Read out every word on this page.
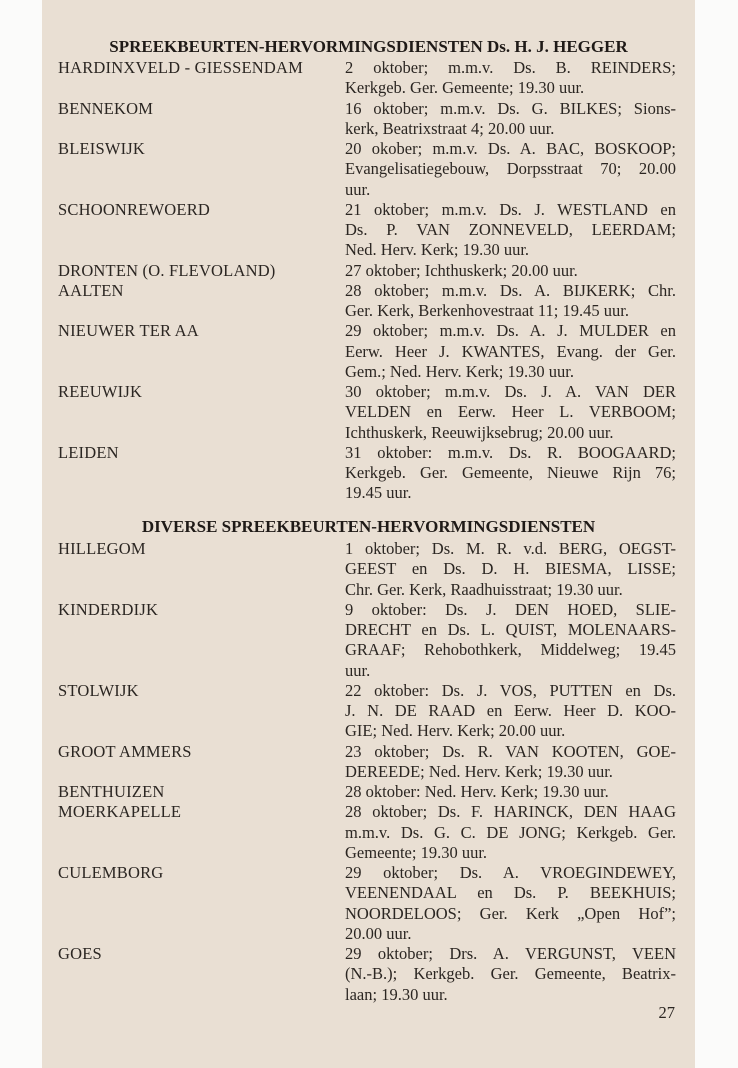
SPREEKBEURTEN-HERVORMINGSDIENSTEN Ds. H. J. HEGGER
HARDINXVELD - GIESSENDAM	2 oktober; m.m.v. Ds. B. REINDERS;
Kerkgeb. Ger. Gemeente; 19.30 uur.
BENNEKOM	16 oktober; m.m.v. Ds. G. BILKES; Sions-
kerk, Beatrixstraat 4; 20.00 uur.
BLEISWIJK	20 okober; m.m.v. Ds. A. BAC, BOSKOOP;
Evangelisatiegebouw, Dorpsstraat 70; 20.00
uur.
SCHOONREWOERD	21 oktober; m.m.v. Ds. J. WESTLAND en
Ds. P. VAN ZONNEVELD, LEERDAM;
Ned. Herv. Kerk; 19.30 uur.
DRONTEN (O. FLEVOLAND)	27 oktober; Ichthuskerk; 20.00 uur.
AALTEN	28 oktober; m.m.v. Ds. A. BIJKERK; Chr.
Ger. Kerk, Berkenhovestraat 11; 19.45 uur.
NIEUWER TER AA	29 oktober; m.m.v. Ds. A. J. MULDER en
Eerw. Heer J. KWANTES, Evang. der Ger.
Gem.; Ned. Herv. Kerk; 19.30 uur.
REEUWIJK	30 oktober; m.m.v. Ds. J. A. VAN DER
VELDEN en Eerw. Heer L. VERBOOM;
Ichthuskerk, Reeuwijksebrug; 20.00 uur.
LEIDEN	31 oktober: m.m.v. Ds. R. BOOGAARD;
Kerkgeb. Ger. Gemeente, Nieuwe Rijn 76;
19.45 uur.
DIVERSE SPREEKBEURTEN-HERVORMINGSDIENSTEN
HILLEGOM	1 oktober; Ds. M. R. v.d. BERG, OEGST-
GEEST en Ds. D. H. BIESMA, LISSE;
Chr. Ger. Kerk, Raadhuisstraat; 19.30 uur.
KINDERDIJK	9 oktober: Ds. J. DEN HOED, SLIE-
DRECHT en Ds. L. QUIST, MOLENAARS-
GRAAF; Rehobothkerk, Middelweg; 19.45
uur.
STOLWIJK	22 oktober: Ds. J. VOS, PUTTEN en Ds.
J. N. DE RAAD en Eerw. Heer D. KOO-
GIE; Ned. Herv. Kerk; 20.00 uur.
GROOT AMMERS	23 oktober; Ds. R. VAN KOOTEN, GOE-
DEREEDE; Ned. Herv. Kerk; 19.30 uur.
BENTHUIZEN	28 oktober: Ned. Herv. Kerk; 19.30 uur.
MOERKAPELLE	28 oktober; Ds. F. HARINCK, DEN HAAG
m.m.v. Ds. G. C. DE JONG; Kerkgeb. Ger.
Gemeente; 19.30 uur.
CULEMBORG	29 oktober; Ds. A. VROEGINDEWEY,
VEENENDAAL en Ds. P. BEEKHUIS;
NOORDELOOS; Ger. Kerk „Open Hof”;
20.00 uur.
GOES	29 oktober; Drs. A. VERGUNST, VEEN
(N.-B.); Kerkgeb. Ger. Gemeente, Beatrix-
laan; 19.30 uur.
27
